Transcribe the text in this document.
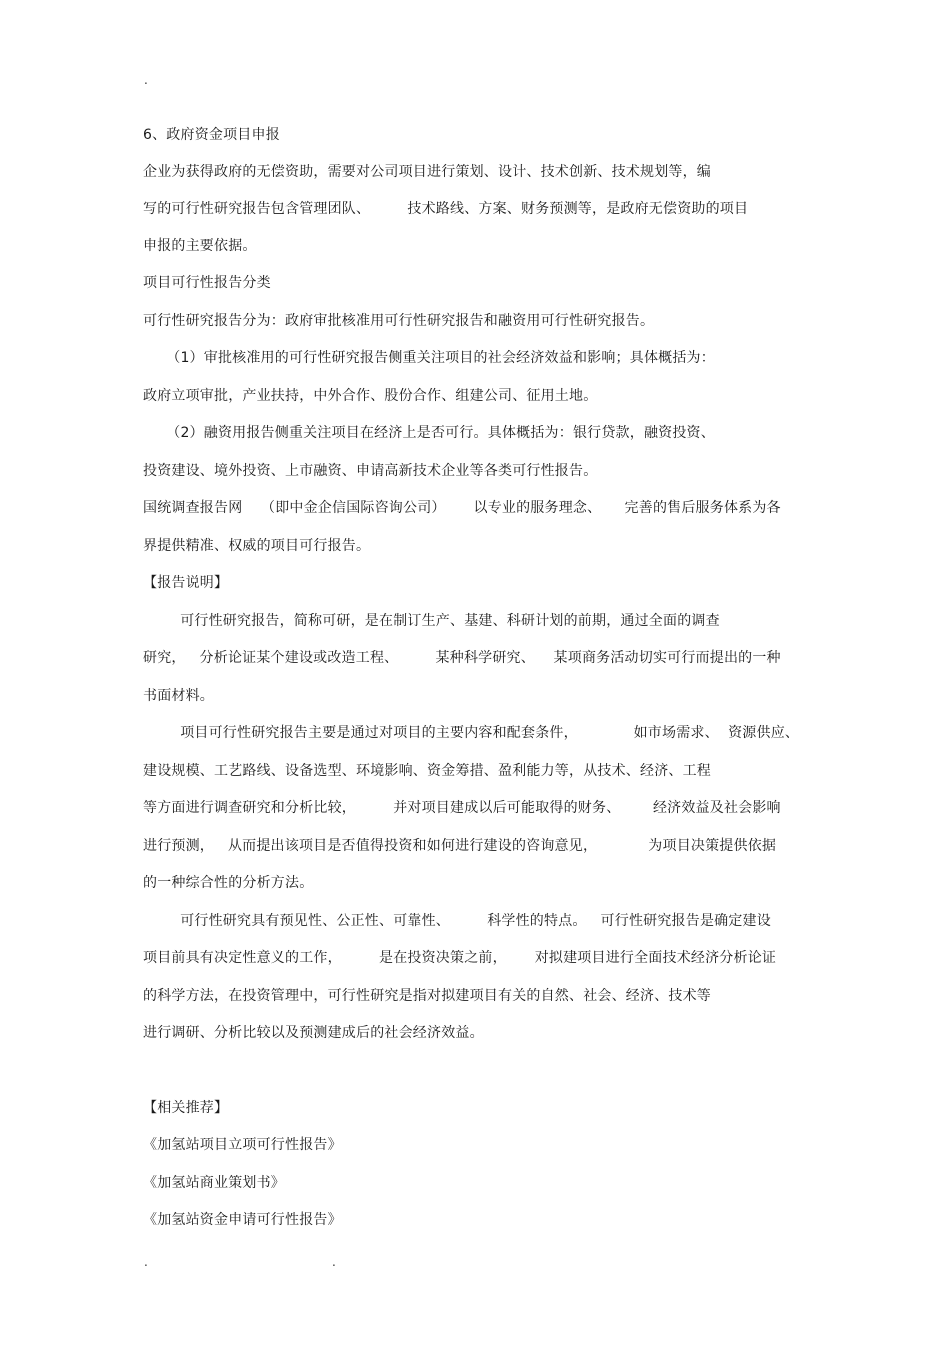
.
6、政府资金项目申报
企业为获得政府的无偿资助，需要对公司项目进行策划、设计、技术创新、技术规划等，编
写的可行性研究报告包含管理团队、        技术路线、方案、财务预测等，是政府无偿资助的项目
申报的主要依据。
项目可行性报告分类
可行性研究报告分为：政府审批核准用可行性研究报告和融资用可行性研究报告。
（1）审批核准用的可行性研究报告侧重关注项目的社会经济效益和影响；具体概括为：
政府立项审批，产业扶持，中外合作、股份合作、组建公司、征用土地。
（2）融资用报告侧重关注项目在经济上是否可行。具体概括为：银行贷款，融资投资、
投资建设、境外投资、上市融资、申请高新技术企业等各类可行性报告。
国统调查报告网    （即中金企信国际咨询公司）      以专业的服务理念、     完善的售后服务体系为各
界提供精准、权威的项目可行报告。
【报告说明】
可行性研究报告，简称可研，是在制订生产、基建、科研计划的前期，通过全面的调查
研究，   分析论证某个建设或改造工程、        某种科学研究、    某项商务活动切实可行而提出的一种
书面材料。
项目可行性研究报告主要是通过对项目的主要内容和配套条件，            如市场需求、  资源供应、
建设规模、工艺路线、设备选型、环境影响、资金筹措、盈利能力等，从技术、经济、工程
等方面进行调查研究和分析比较，        并对项目建成以后可能取得的财务、       经济效益及社会影响
进行预测，   从而提出该项目是否值得投资和如何进行建设的咨询意见，           为项目决策提供依据
的一种综合性的分析方法。
可行性研究具有预见性、公正性、可靠性、        科学性的特点。   可行性研究报告是确定建设
项目前具有决定性意义的工作，        是在投资决策之前，      对拟建项目进行全面技术经济分析论证
的科学方法，在投资管理中，可行性研究是指对拟建项目有关的自然、社会、经济、技术等
进行调研、分析比较以及预测建成后的社会经济效益。
【相关推荐】
《加氢站项目立项可行性报告》
《加氢站商业策划书》
《加氢站资金申请可行性报告》
.	.
